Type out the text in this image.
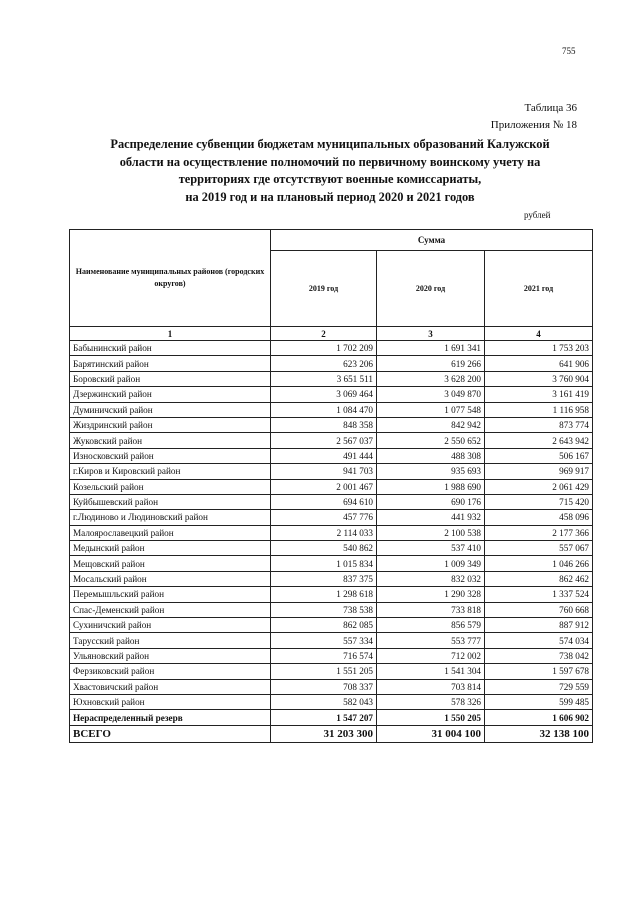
755
Таблица 36
Приложения № 18
Распределение субвенции бюджетам муниципальных образований Калужской
области на осуществление полномочий по первичному воинскому учету на
территориях где отсутствуют военные комиссариаты,
на 2019 год и на плановый период 2020 и 2021 годов
рублей
Наименование муниципальных районов (городских округов)	Сумма		
	2019 год	2020 год	2021 год
1	2	3	4
Бабынинский район	1 702 209	1 691 341	1 753 203
Барятинский район	623 206	619 266	641 906
Боровский район	3 651 511	3 628 200	3 760 904
Дзержинский район	3 069 464	3 049 870	3 161 419
Думиничский район	1 084 470	1 077 548	1 116 958
Жиздринский район	848 358	842 942	873 774
Жуковский район	2 567 037	2 550 652	2 643 942
Износковский район	491 444	488 308	506 167
г.Киров и Кировский район	941 703	935 693	969 917
Козельский район	2 001 467	1 988 690	2 061 429
Куйбышевский район	694 610	690 176	715 420
г.Людиново и Людиновский район	457 776	441 932	458 096
Малоярославецкий район	2 114 033	2 100 538	2 177 366
Медынский район	540 862	537 410	557 067
Мещовский район	1 015 834	1 009 349	1 046 266
Мосальский район	837 375	832 032	862 462
Перемышльский район	1 298 618	1 290 328	1 337 524
Спас-Деменский район	738 538	733 818	760 668
Сухиничский район	862 085	856 579	887 912
Тарусский район	557 334	553 777	574 034
Ульяновский район	716 574	712 002	738 042
Ферзиковский район	1 551 205	1 541 304	1 597 678
Хвастовичский район	708 337	703 814	729 559
Юхновский район	582 043	578 326	599 485
Нераспределенный резерв	1 547 207	1 550 205	1 606 902
ВСЕГО	31 203 300	31 004 100	32 138 100
